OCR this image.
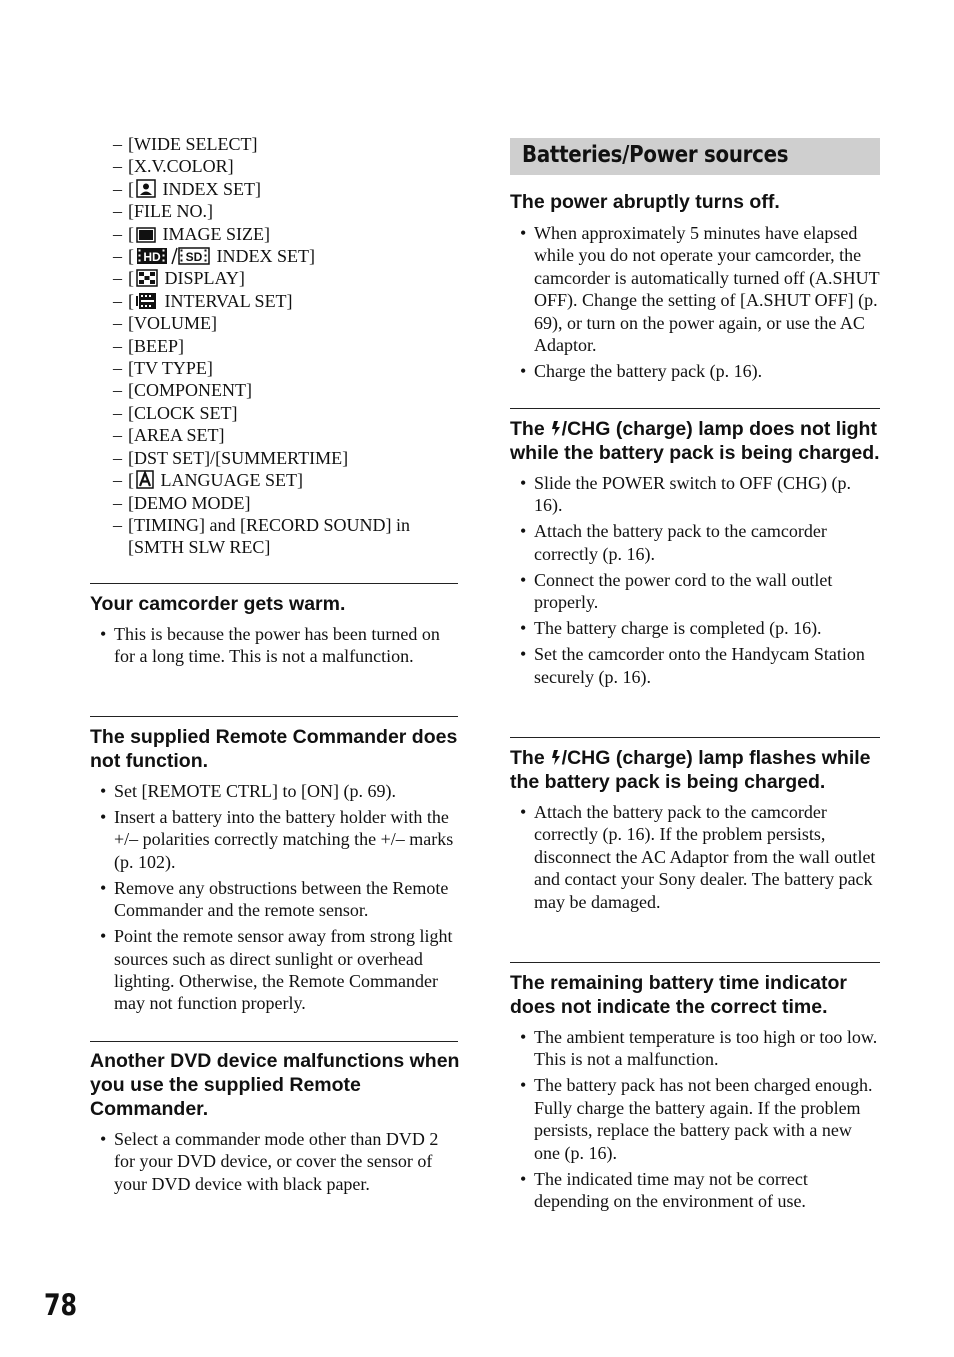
– [WIDE SELECT]
– [X.V.COLOR]
– [ INDEX SET]
– [FILE NO.]
– [ IMAGE SIZE]
– [ HD SD INDEX SET]
– [ DISPLAY]
– [ INTERVAL SET]
– [VOLUME]
– [BEEP]
– [TV TYPE]
– [COMPONENT]
– [CLOCK SET]
– [AREA SET]
– [DST SET]/[SUMMERTIME]
– [ LANGUAGE SET]
– [DEMO MODE]
– [TIMING] and [RECORD SOUND] in
[SMTH SLW REC]
Your camcorder gets warm.
• This is because the power has been turned on for a long time. This is not a malfunction.
The supplied Remote Commander does not function.
• Set [REMOTE CTRL] to [ON] (p. 69).
• Insert a battery into the battery holder with the +/– polarities correctly matching the +/– marks (p. 102).
• Remove any obstructions between the Remote Commander and the remote sensor.
• Point the remote sensor away from strong light sources such as direct sunlight or overhead lighting. Otherwise, the Remote Commander may not function properly.
Another DVD device malfunctions when you use the supplied Remote Commander.
• Select a commander mode other than DVD 2 for your DVD device, or cover the sensor of your DVD device with black paper.
Batteries/Power sources
The power abruptly turns off.
• When approximately 5 minutes have elapsed while you do not operate your camcorder, the camcorder is automatically turned off (A.SHUT OFF). Change the setting of [A.SHUT OFF] (p. 69), or turn on the power again, or use the AC Adaptor.
• Charge the battery pack (p. 16).
The /CHG (charge) lamp does not light while the battery pack is being charged.
• Slide the POWER switch to OFF (CHG) (p. 16).
• Attach the battery pack to the camcorder correctly (p. 16).
• Connect the power cord to the wall outlet properly.
• The battery charge is completed (p. 16).
• Set the camcorder onto the Handycam Station securely (p. 16).
The /CHG (charge) lamp flashes while the battery pack is being charged.
• Attach the battery pack to the camcorder correctly (p. 16). If the problem persists, disconnect the AC Adaptor from the wall outlet and contact your Sony dealer. The battery pack may be damaged.
The remaining battery time indicator does not indicate the correct time.
• The ambient temperature is too high or too low. This is not a malfunction.
• The battery pack has not been charged enough. Fully charge the battery again. If the problem persists, replace the battery pack with a new one (p. 16).
• The indicated time may not be correct depending on the environment of use.
78
